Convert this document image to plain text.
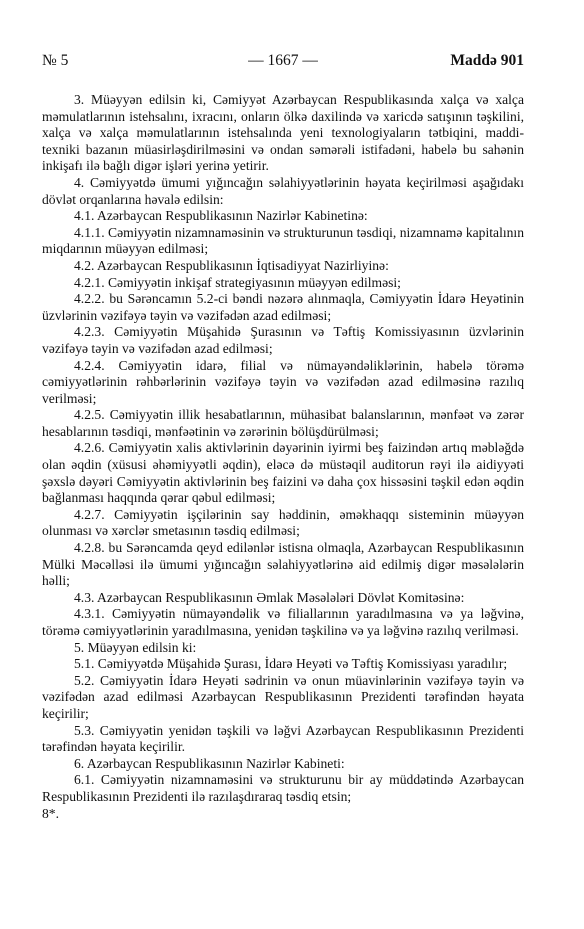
№ 5	— 1667 —	Maddə 901

3. Müəyyən edilsin ki, Cəmiyyət Azərbaycan Respublikasında xalça və xalça məmulatlarının istehsalını, ixracını, onların ölkə daxilində və xaricdə satışının təşkilini, xalça və xalça məmulatlarının istehsalında yeni texnologiyaların tətbiqini, maddi-texniki bazanın müasirləşdirilməsini və ondan səmərəli istifadəni, habelə bu sahənin inkişafı ilə bağlı digər işləri yerinə yetirir.

4. Cəmiyyətdə ümumi yığıncağın səlahiyyətlərinin həyata keçirilməsi aşağıdakı dövlət orqanlarına həvalə edilsin:

4.1. Azərbaycan Respublikasının Nazirlər Kabinetinə:

4.1.1. Cəmiyyətin nizamnaməsinin və strukturunun təsdiqi, nizamnamə kapitalının miqdarının müəyyən edilməsi;

4.2. Azərbaycan Respublikasının İqtisadiyyat Nazirliyinə:

4.2.1. Cəmiyyətin inkişaf strategiyasının müəyyən edilməsi;

4.2.2. bu Sərəncamın 5.2-ci bəndi nəzərə alınmaqla, Cəmiyyətin İdarə Heyətinin üzvlərinin vəzifəyə təyin və vəzifədən azad edilməsi;

4.2.3. Cəmiyyətin Müşahidə Şurasının və Təftiş Komissiyasının üzvlərinin vəzifəyə təyin və vəzifədən azad edilməsi;

4.2.4. Cəmiyyətin idarə, filial və nümayəndəliklərinin, habelə törəmə cəmiyyətlərinin rəhbərlərinin vəzifəyə təyin və vəzifədən azad edilməsinə razılıq verilməsi;

4.2.5. Cəmiyyətin illik hesabatlarının, mühasibat balanslarının, mənfəət və zərər hesablarının təsdiqi, mənfəətinin və zərərinin bölüşdürülməsi;

4.2.6. Cəmiyyətin xalis aktivlərinin dəyərinin iyirmi beş faizindən artıq məbləğdə olan əqdin (xüsusi əhəmiyyətli əqdin), eləcə də müstəqil auditorun rəyi ilə aidiyyəti şəxslə dəyəri Cəmiyyətin aktivlərinin beş faizini və daha çox hissəsini təşkil edən əqdin bağlanması haqqında qərar qəbul edilməsi;

4.2.7. Cəmiyyətin işçilərinin say həddinin, əməkhaqqı sisteminin müəyyən olunması və xərclər smetasının təsdiq edilməsi;

4.2.8. bu Sərəncamda qeyd edilənlər istisna olmaqla, Azərbaycan Respublikasının Mülki Məcəlləsi ilə ümumi yığıncağın səlahiyyətlərinə aid edilmiş digər məsələlərin həlli;

4.3. Azərbaycan Respublikasının Əmlak Məsələləri Dövlət Komitəsinə:

4.3.1. Cəmiyyətin nümayəndəlik və filiallarının yaradılmasına və ya ləğvinə, törəmə cəmiyyətlərinin yaradılmasına, yenidən təşkilinə və ya ləğvinə razılıq verilməsi.

5. Müəyyən edilsin ki:

5.1. Cəmiyyətdə Müşahidə Şurası, İdarə Heyəti və Təftiş Komissiyası yaradılır;

5.2. Cəmiyyətin İdarə Heyəti sədrinin və onun müavinlərinin vəzifəyə təyin və vəzifədən azad edilməsi Azərbaycan Respublikasının Prezidenti tərəfindən həyata keçirilir;

5.3. Cəmiyyətin yenidən təşkili və ləğvi Azərbaycan Respublikasının Prezidenti tərəfindən həyata keçirilir.

6. Azərbaycan Respublikasının Nazirlər Kabineti:

6.1. Cəmiyyətin nizamnaməsini və strukturunu bir ay müddətində Azərbaycan Respublikasının Prezidenti ilə razılaşdıraraq təsdiq etsin;

8*.
